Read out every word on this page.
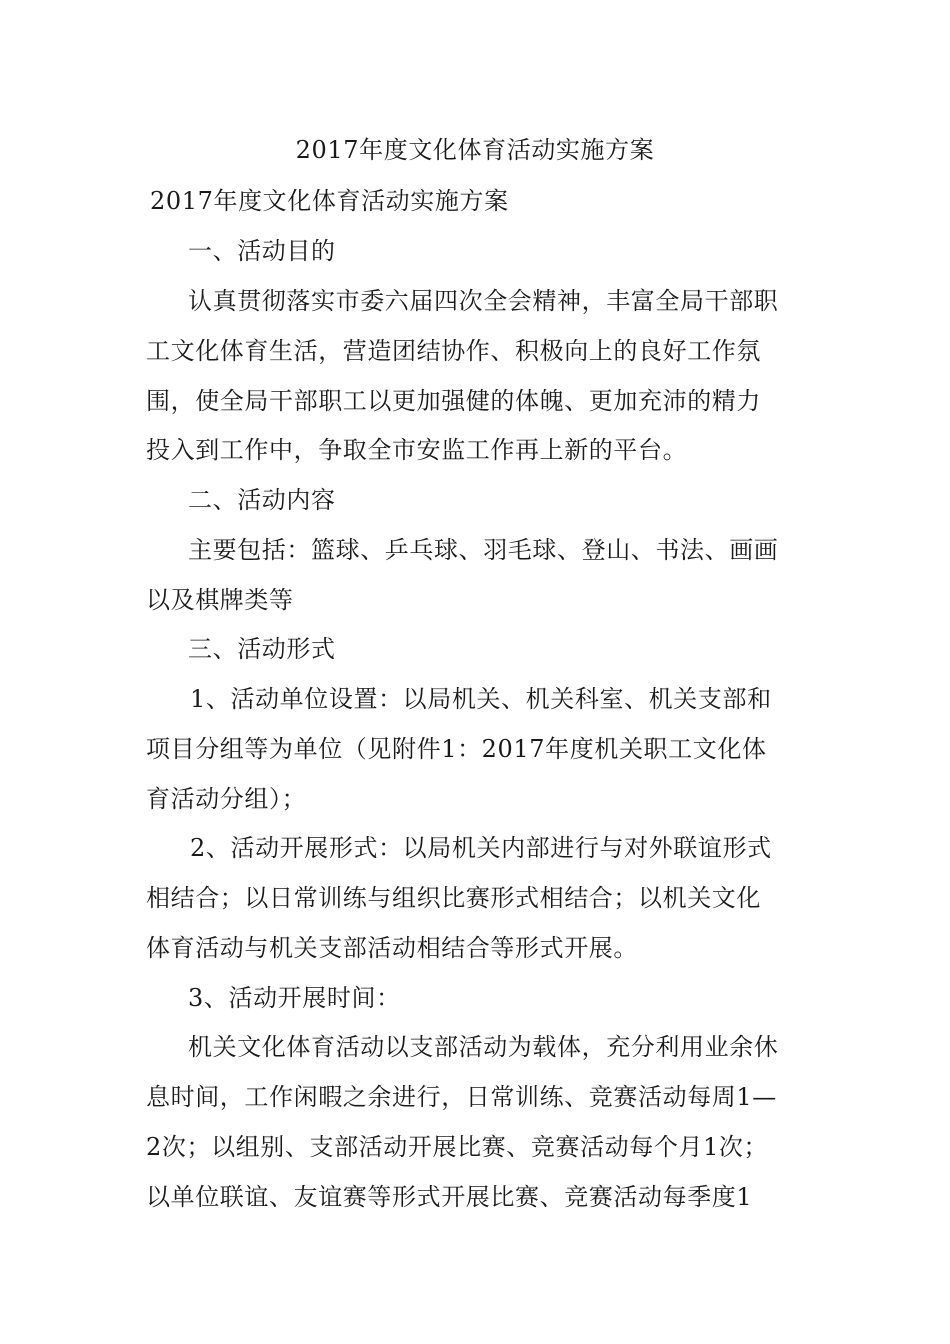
2017年度文化体育活动实施方案
2017年度文化体育活动实施方案
一、活动目的
认真贯彻落实市委六届四次全会精神，丰富全局干部职
工文化体育生活，营造团结协作、积极向上的良好工作氛
围，使全局干部职工以更加强健的体魄、更加充沛的精力
投入到工作中，争取全市安监工作再上新的平台。
二、活动内容
主要包括：篮球、乒乓球、羽毛球、登山、书法、画画
以及棋牌类等
三、活动形式
1、活动单位设置：以局机关、机关科室、机关支部和
项目分组等为单位（见附件1：2017年度机关职工文化体
育活动分组）；
2、活动开展形式：以局机关内部进行与对外联谊形式
相结合；以日常训练与组织比赛形式相结合；以机关文化
体育活动与机关支部活动相结合等形式开展。
3、活动开展时间：
机关文化体育活动以支部活动为载体，充分利用业余休
息时间，工作闲暇之余进行，日常训练、竞赛活动每周1—
2次；以组别、支部活动开展比赛、竞赛活动每个月1次；
以单位联谊、友谊赛等形式开展比赛、竞赛活动每季度1
